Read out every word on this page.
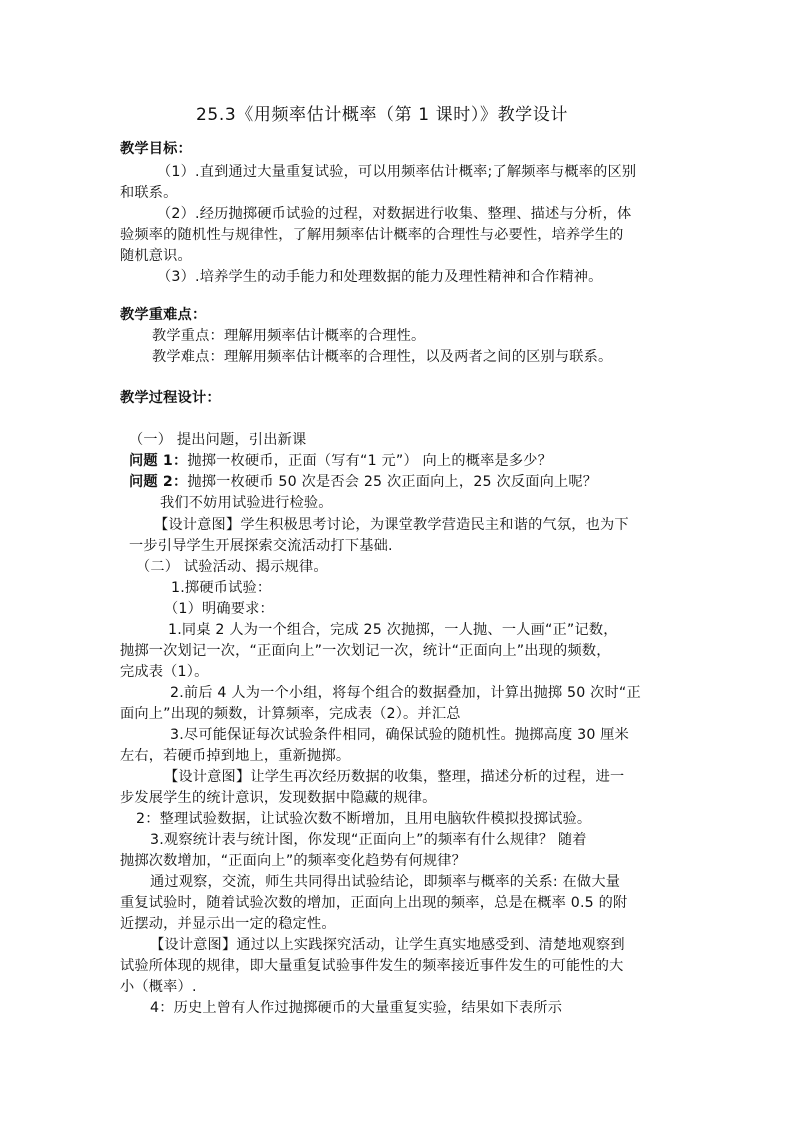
25.3《用频率估计概率（第 1 课时）》教学设计

教学目标：

（1）.直到通过大量重复试验，可以用频率估计概率;了解频率与概率的区别

和联系。

（2）.经历抛掷硬币试验的过程，对数据进行收集、整理、描述与分析，体

验频率的随机性与规律性，了解用频率估计概率的合理性与必要性，培养学生的

随机意识。

（3）.培养学生的动手能力和处理数据的能力及理性精神和合作精神。

教学重难点：

教学重点：理解用频率估计概率的合理性。

教学难点：理解用频率估计概率的合理性，以及两者之间的区别与联系。

教学过程设计：

（一） 提出问题，引出新课

问题 1：抛掷一枚硬币，正面（写有“1 元”） 向上的概率是多少？

问题 2：抛掷一枚硬币 50 次是否会 25 次正面向上，25 次反面向上呢？

我们不妨用试验进行检验。

【设计意图】学生积极思考讨论，为课堂教学营造民主和谐的气氛，也为下

一步引导学生开展探索交流活动打下基础.

（二） 试验活动、揭示规律。

1.掷硬币试验：

（1）明确要求：

1.同桌 2 人为一个组合，完成 25 次抛掷，一人抛、一人画“正”记数，

抛掷一次划记一次，“正面向上”一次划记一次，统计“正面向上”出现的频数，

完成表（1）。

2.前后 4 人为一个小组，将每个组合的数据叠加，计算出抛掷 50 次时“正

面向上”出现的频数，计算频率，完成表（2）。并汇总

3.尽可能保证每次试验条件相同，确保试验的随机性。抛掷高度 30 厘米

左右，若硬币掉到地上，重新抛掷。

【设计意图】让学生再次经历数据的收集，整理，描述分析的过程，进一

步发展学生的统计意识，发现数据中隐藏的规律。

2：整理试验数据，让试验次数不断增加，且用电脑软件模拟投掷试验。

3.观察统计表与统计图，你发现“正面向上”的频率有什么规律？ 随着

抛掷次数增加，“正面向上”的频率变化趋势有何规律？

通过观察，交流，师生共同得出试验结论，即频率与概率的关系: 在做大量

重复试验时，随着试验次数的增加，正面向上出现的频率，总是在概率 0.5 的附

近摆动，并显示出一定的稳定性。

【设计意图】通过以上实践探究活动，让学生真实地感受到、清楚地观察到

试验所体现的规律，即大量重复试验事件发生的频率接近事件发生的可能性的大

小（概率）.

4：历史上曾有人作过抛掷硬币的大量重复实验，结果如下表所示
